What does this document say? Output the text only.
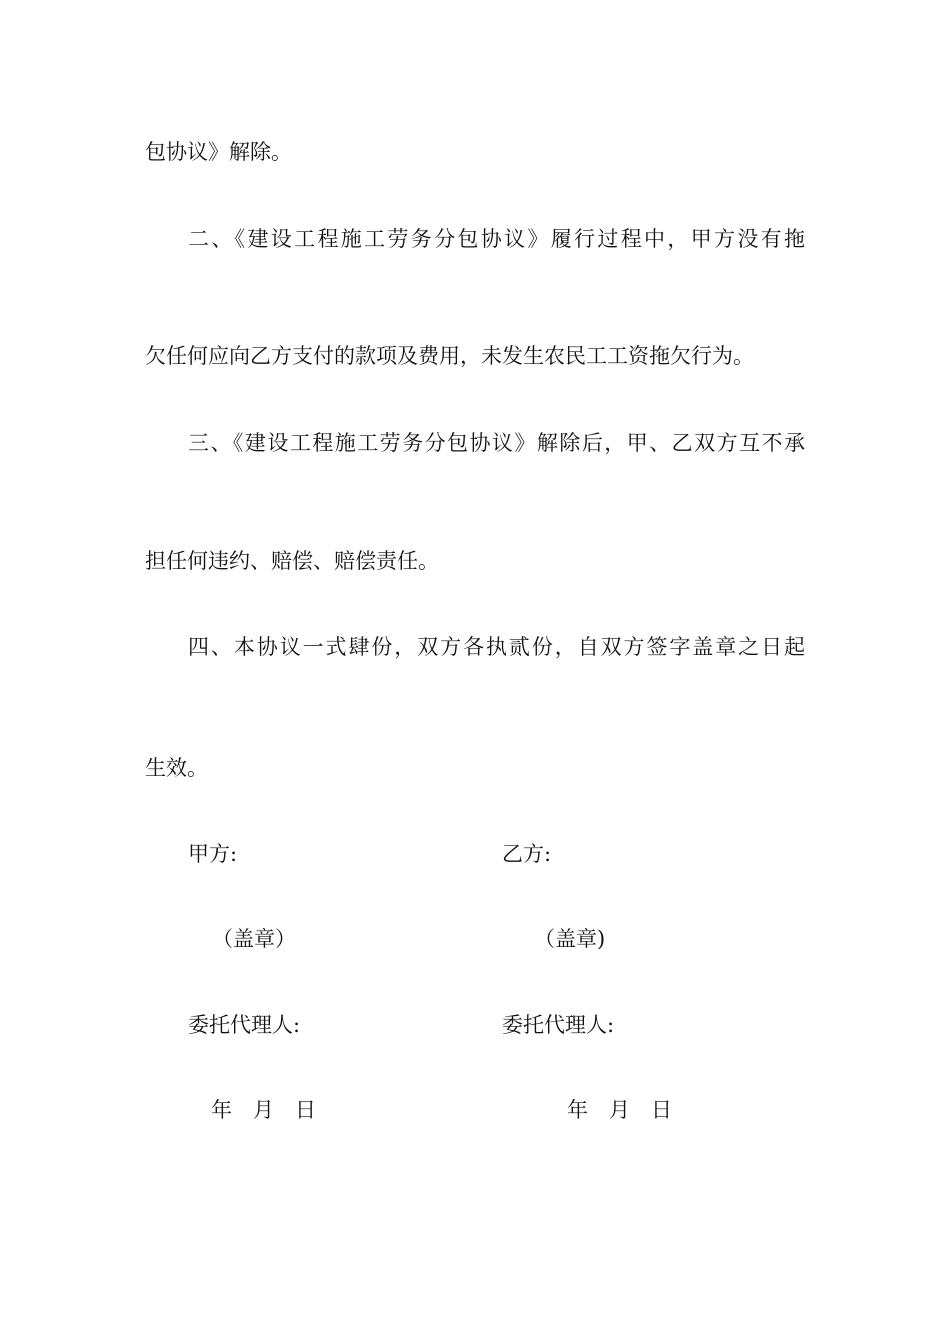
包协议》解除。
二、《建设工程施工劳务分包协议》履行过程中，甲方没有拖
欠任何应向乙方支付的款项及费用，未发生农民工工资拖欠行为。
三、《建设工程施工劳务分包协议》解除后，甲、乙双方互不承
担任何违约、赔偿、赔偿责任。
四、本协议一式肆份，双方各执贰份，自双方签字盖章之日起
生效。
甲方:	乙方:
（盖章）	（盖章)
委托代理人:	委托代理人:
年　月　日	年　月　日
